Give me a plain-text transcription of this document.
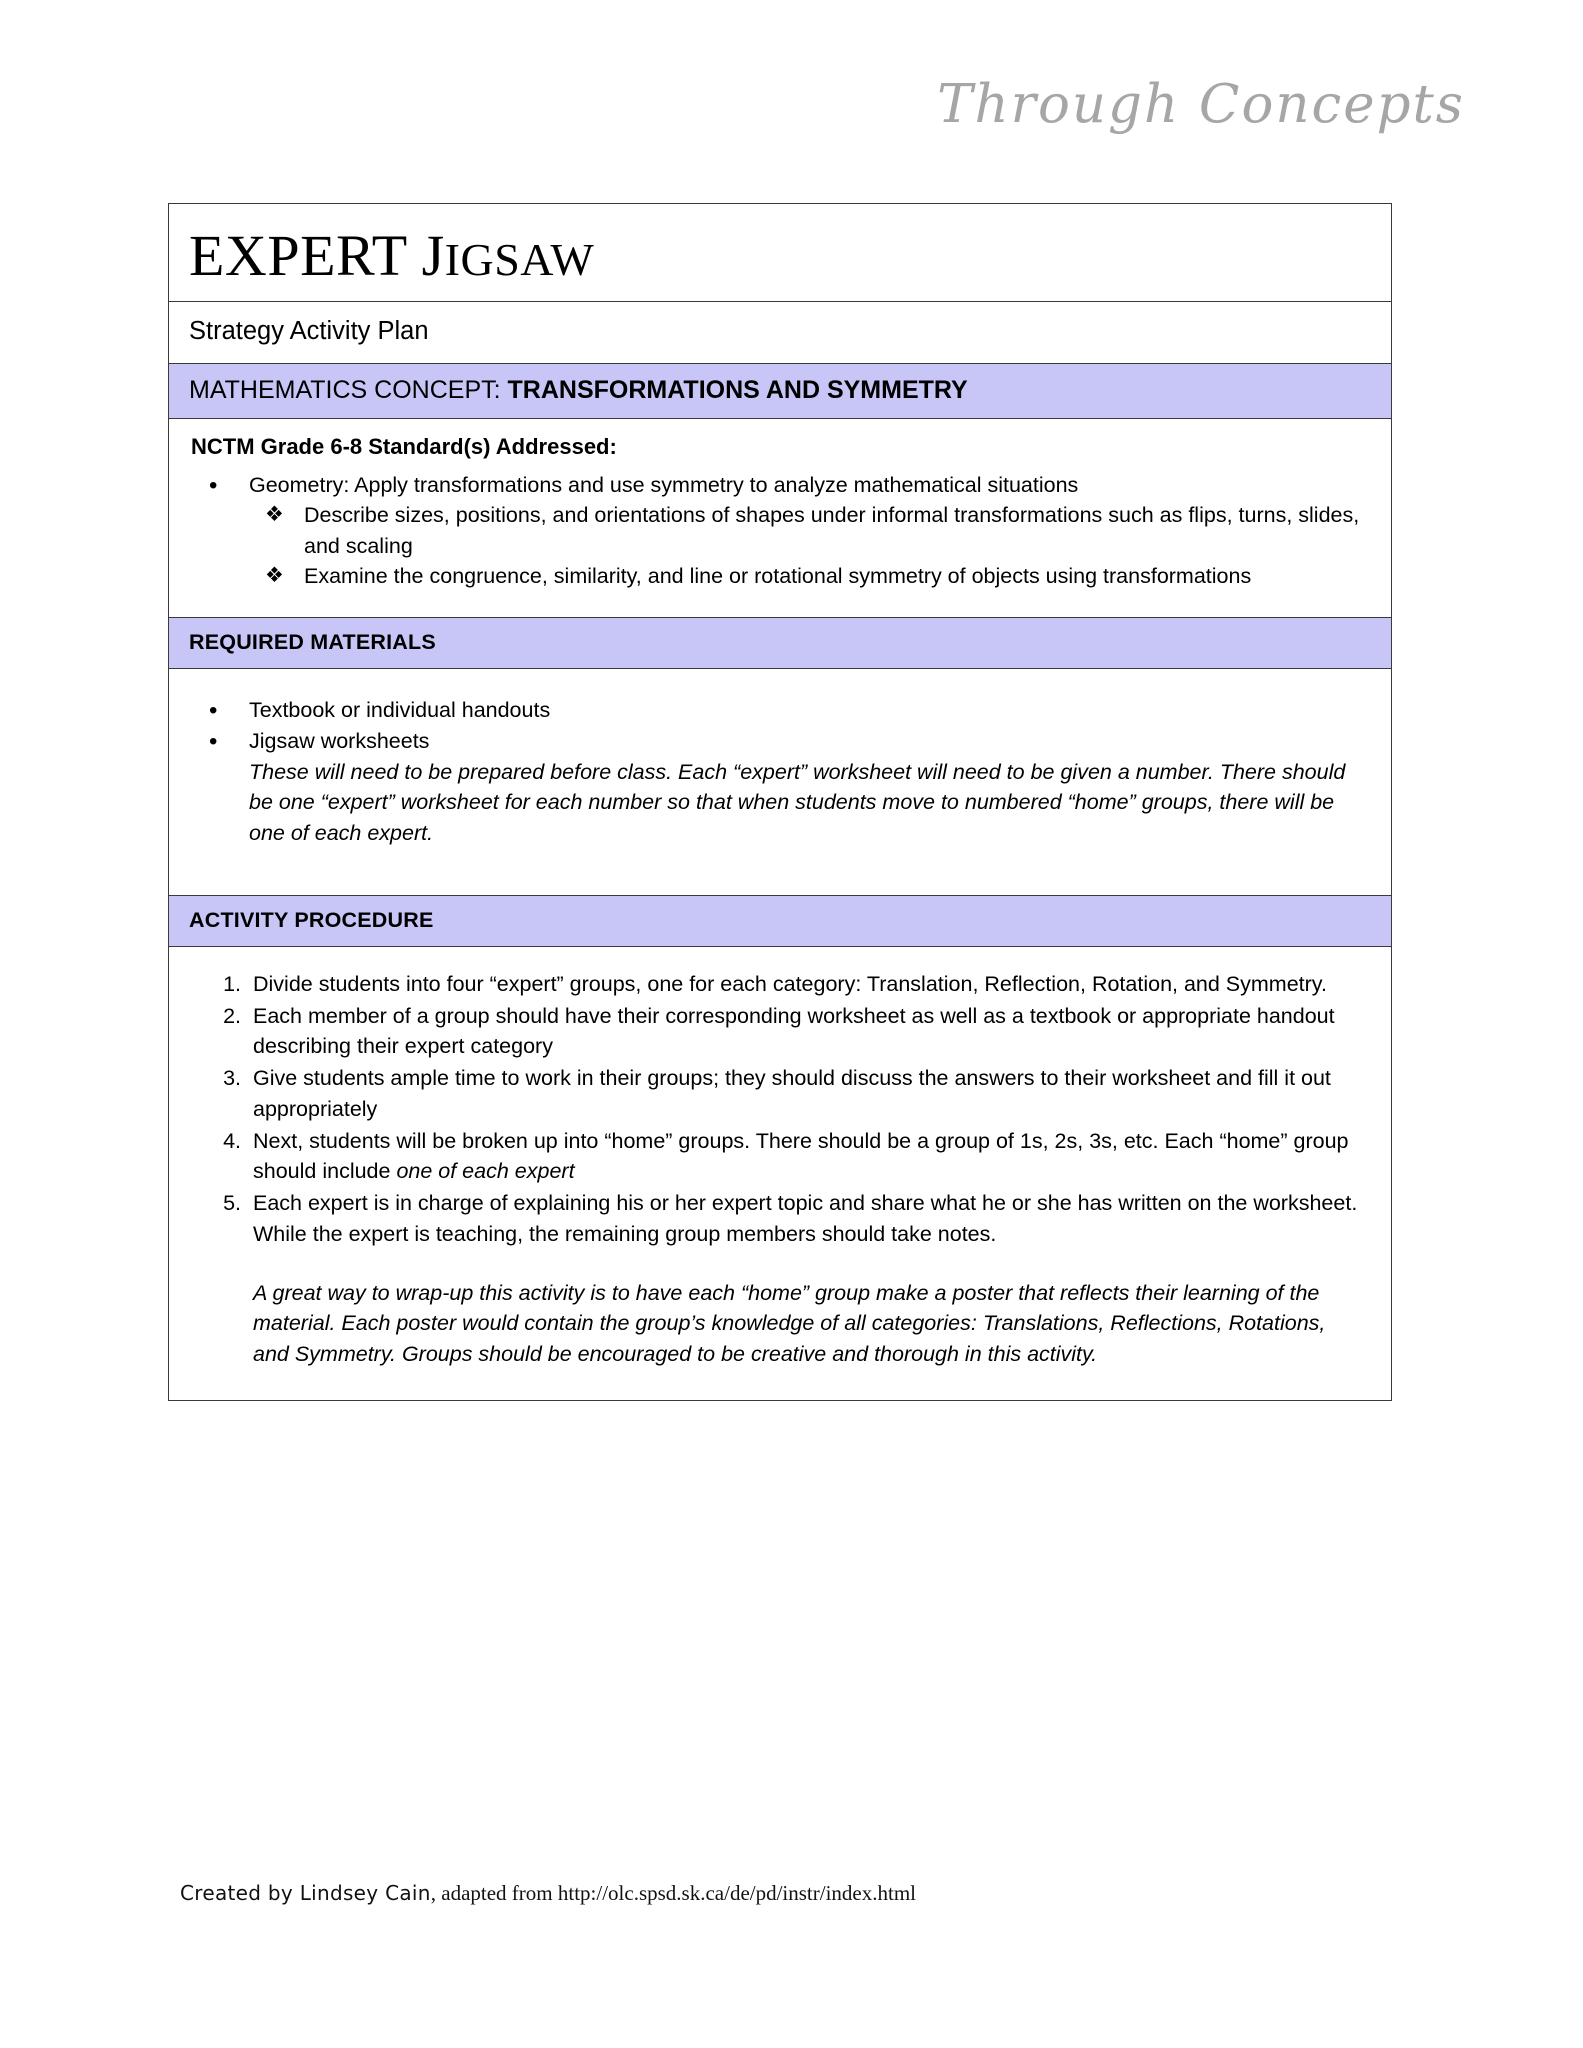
Through Concepts
EXPERT JIGSAW
Strategy Activity Plan
MATHEMATICS CONCEPT: TRANSFORMATIONS AND SYMMETRY
NCTM Grade 6-8 Standard(s) Addressed:
• Geometry: Apply transformations and use symmetry to analyze mathematical situations
❖ Describe sizes, positions, and orientations of shapes under informal transformations such as flips, turns, slides, and scaling
❖ Examine the congruence, similarity, and line or rotational symmetry of objects using transformations
REQUIRED MATERIALS
• Textbook or individual handouts
• Jigsaw worksheets
These will need to be prepared before class. Each “expert” worksheet will need to be given a number. There should be one “expert” worksheet for each number so that when students move to numbered “home” groups, there will be one of each expert.
ACTIVITY PROCEDURE
1. Divide students into four “expert” groups, one for each category: Translation, Reflection, Rotation, and Symmetry.
2. Each member of a group should have their corresponding worksheet as well as a textbook or appropriate handout describing their expert category
3. Give students ample time to work in their groups; they should discuss the answers to their worksheet and fill it out appropriately
4. Next, students will be broken up into “home” groups. There should be a group of 1s, 2s, 3s, etc. Each “home” group should include one of each expert
5. Each expert is in charge of explaining his or her expert topic and share what he or she has written on the worksheet. While the expert is teaching, the remaining group members should take notes.
A great way to wrap-up this activity is to have each “home” group make a poster that reflects their learning of the material. Each poster would contain the group’s knowledge of all categories: Translations, Reflections, Rotations, and Symmetry. Groups should be encouraged to be creative and thorough in this activity.
Created by Lindsey Cain, adapted from http://olc.spsd.sk.ca/de/pd/instr/index.html
